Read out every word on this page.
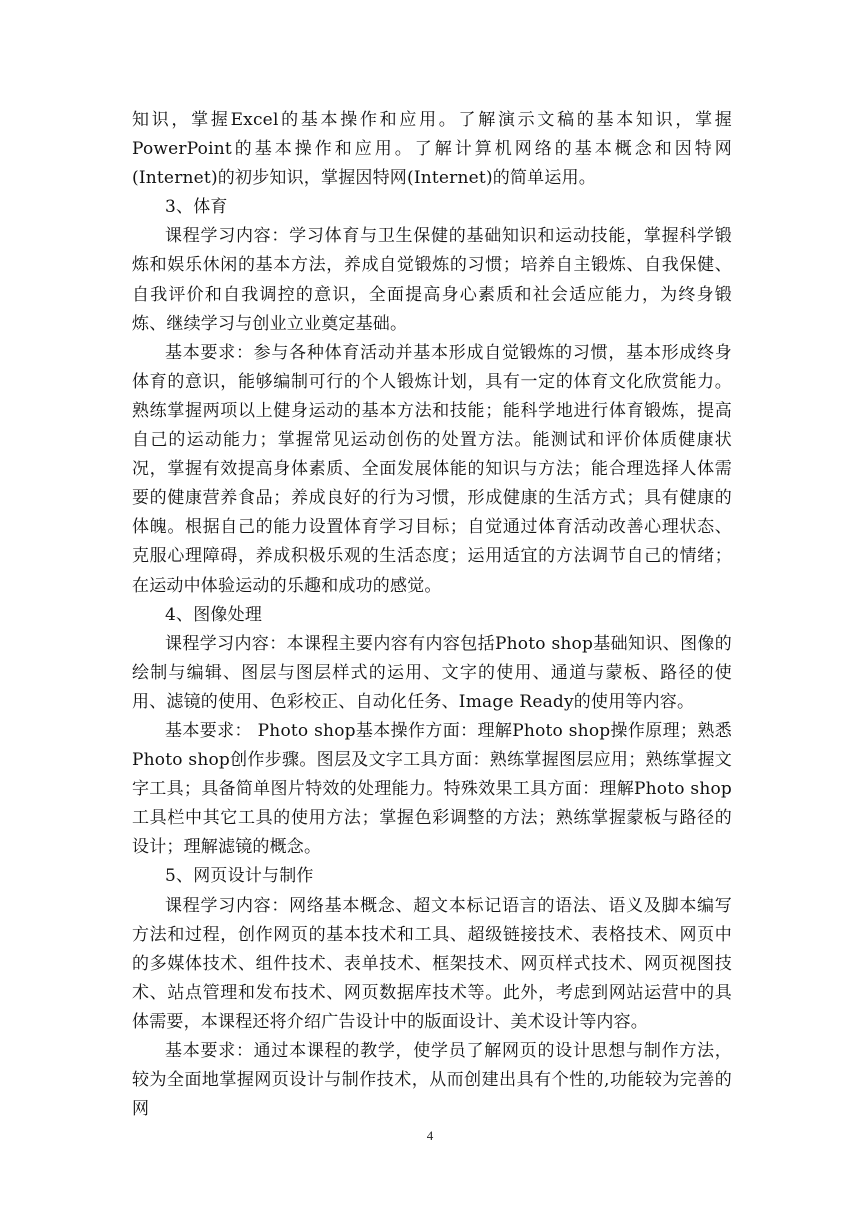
知识，掌握Excel的基本操作和应用。了解演示文稿的基本知识，掌握PowerPoint的基本操作和应用。了解计算机网络的基本概念和因特网(Internet)的初步知识，掌握因特网(Internet)的简单运用。

3、体育

课程学习内容：学习体育与卫生保健的基础知识和运动技能，掌握科学锻炼和娱乐休闲的基本方法，养成自觉锻炼的习惯；培养自主锻炼、自我保健、自我评价和自我调控的意识，全面提高身心素质和社会适应能力，为终身锻炼、继续学习与创业立业奠定基础。

基本要求：参与各种体育活动并基本形成自觉锻炼的习惯，基本形成终身体育的意识，能够编制可行的个人锻炼计划，具有一定的体育文化欣赏能力。熟练掌握两项以上健身运动的基本方法和技能；能科学地进行体育锻炼，提高自己的运动能力；掌握常见运动创伤的处置方法。能测试和评价体质健康状况，掌握有效提高身体素质、全面发展体能的知识与方法；能合理选择人体需要的健康营养食品；养成良好的行为习惯，形成健康的生活方式；具有健康的体魄。根据自己的能力设置体育学习目标；自觉通过体育活动改善心理状态、克服心理障碍，养成积极乐观的生活态度；运用适宜的方法调节自己的情绪；在运动中体验运动的乐趣和成功的感觉。

4、图像处理

课程学习内容：本课程主要内容有内容包括Photo shop基础知识、图像的绘制与编辑、图层与图层样式的运用、文字的使用、通道与蒙板、路径的使用、滤镜的使用、色彩校正、自动化任务、Image Ready的使用等内容。

基本要求： Photo shop基本操作方面：理解Photo shop操作原理；熟悉Photo shop创作步骤。图层及文字工具方面：熟练掌握图层应用；熟练掌握文字工具；具备简单图片特效的处理能力。特殊效果工具方面：理解Photo shop工具栏中其它工具的使用方法；掌握色彩调整的方法；熟练掌握蒙板与路径的设计；理解滤镜的概念。

5、网页设计与制作

课程学习内容：网络基本概念、超文本标记语言的语法、语义及脚本编写方法和过程，创作网页的基本技术和工具、超级链接技术、表格技术、网页中的多媒体技术、组件技术、表单技术、框架技术、网页样式技术、网页视图技术、站点管理和发布技术、网页数据库技术等。此外，考虑到网站运营中的具体需要，本课程还将介绍广告设计中的版面设计、美术设计等内容。

基本要求：通过本课程的教学，使学员了解网页的设计思想与制作方法，较为全面地掌握网页设计与制作技术，从而创建出具有个性的,功能较为完善的网

4
